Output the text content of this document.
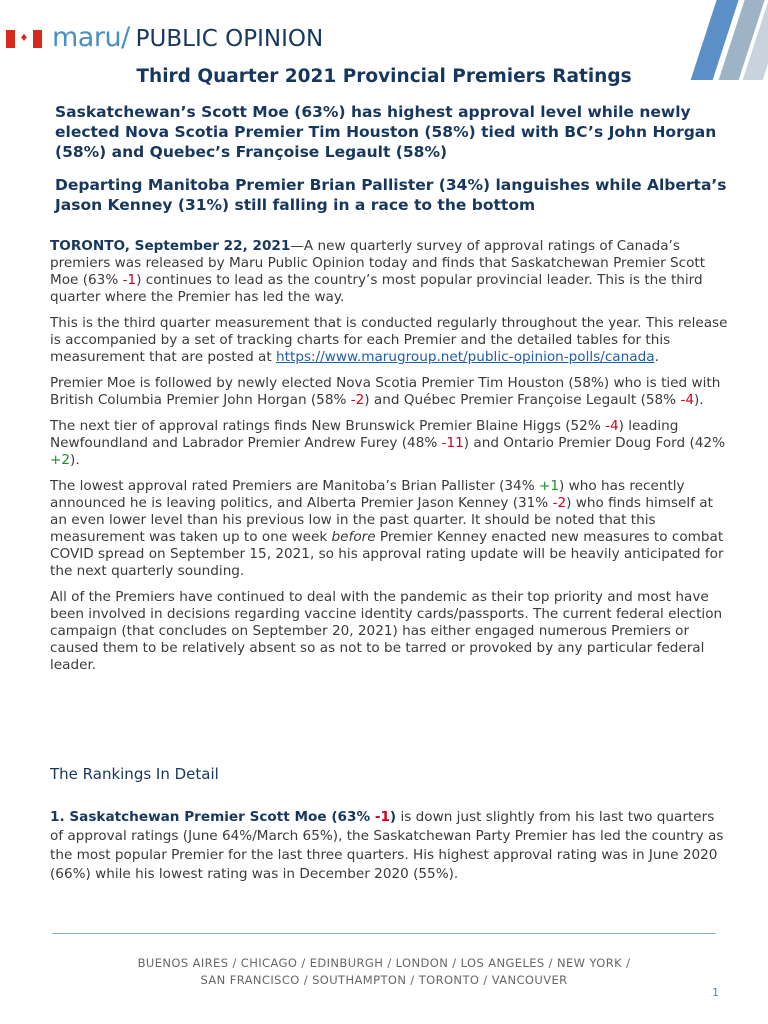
♦ maru/ PUBLIC OPINION
Third Quarter 2021 Provincial Premiers Ratings
Saskatchewan’s Scott Moe (63%) has highest approval level while newly elected Nova Scotia Premier Tim Houston (58%) tied with BC’s John Horgan (58%) and Quebec’s Françoise Legault (58%)
Departing Manitoba Premier Brian Pallister (34%) languishes while Alberta’s Jason Kenney (31%) still falling in a race to the bottom

TORONTO, September 22, 2021—A new quarterly survey of approval ratings of Canada’s premiers was released by Maru Public Opinion today and finds that Saskatchewan Premier Scott Moe (63% -1) continues to lead as the country’s most popular provincial leader. This is the third quarter where the Premier has led the way.

This is the third quarter measurement that is conducted regularly throughout the year. This release is accompanied by a set of tracking charts for each Premier and the detailed tables for this measurement that are posted at https://www.marugroup.net/public-opinion-polls/canada.

Premier Moe is followed by newly elected Nova Scotia Premier Tim Houston (58%) who is tied with British Columbia Premier John Horgan (58% -2) and Québec Premier Françoise Legault (58% -4).

The next tier of approval ratings finds New Brunswick Premier Blaine Higgs (52% -4) leading Newfoundland and Labrador Premier Andrew Furey (48% -11) and Ontario Premier Doug Ford (42% +2).

The lowest approval rated Premiers are Manitoba’s Brian Pallister (34% +1) who has recently announced he is leaving politics, and Alberta Premier Jason Kenney (31% -2) who finds himself at an even lower level than his previous low in the past quarter. It should be noted that this measurement was taken up to one week before Premier Kenney enacted new measures to combat COVID spread on September 15, 2021, so his approval rating update will be heavily anticipated for the next quarterly sounding.

All of the Premiers have continued to deal with the pandemic as their top priority and most have been involved in decisions regarding vaccine identity cards/passports. The current federal election campaign (that concludes on September 20, 2021) has either engaged numerous Premiers or caused them to be relatively absent so as not to be tarred or provoked by any particular federal leader.

The Rankings In Detail
1. Saskatchewan Premier Scott Moe (63% -1) is down just slightly from his last two quarters of approval ratings (June 64%/March 65%), the Saskatchewan Party Premier has led the country as the most popular Premier for the last three quarters. His highest approval rating was in June 2020 (66%) while his lowest rating was in December 2020 (55%).
BUENOS AIRES / CHICAGO / EDINBURGH / LONDON / LOS ANGELES / NEW YORK /
SAN FRANCISCO / SOUTHAMPTON / TORONTO / VANCOUVER
1
